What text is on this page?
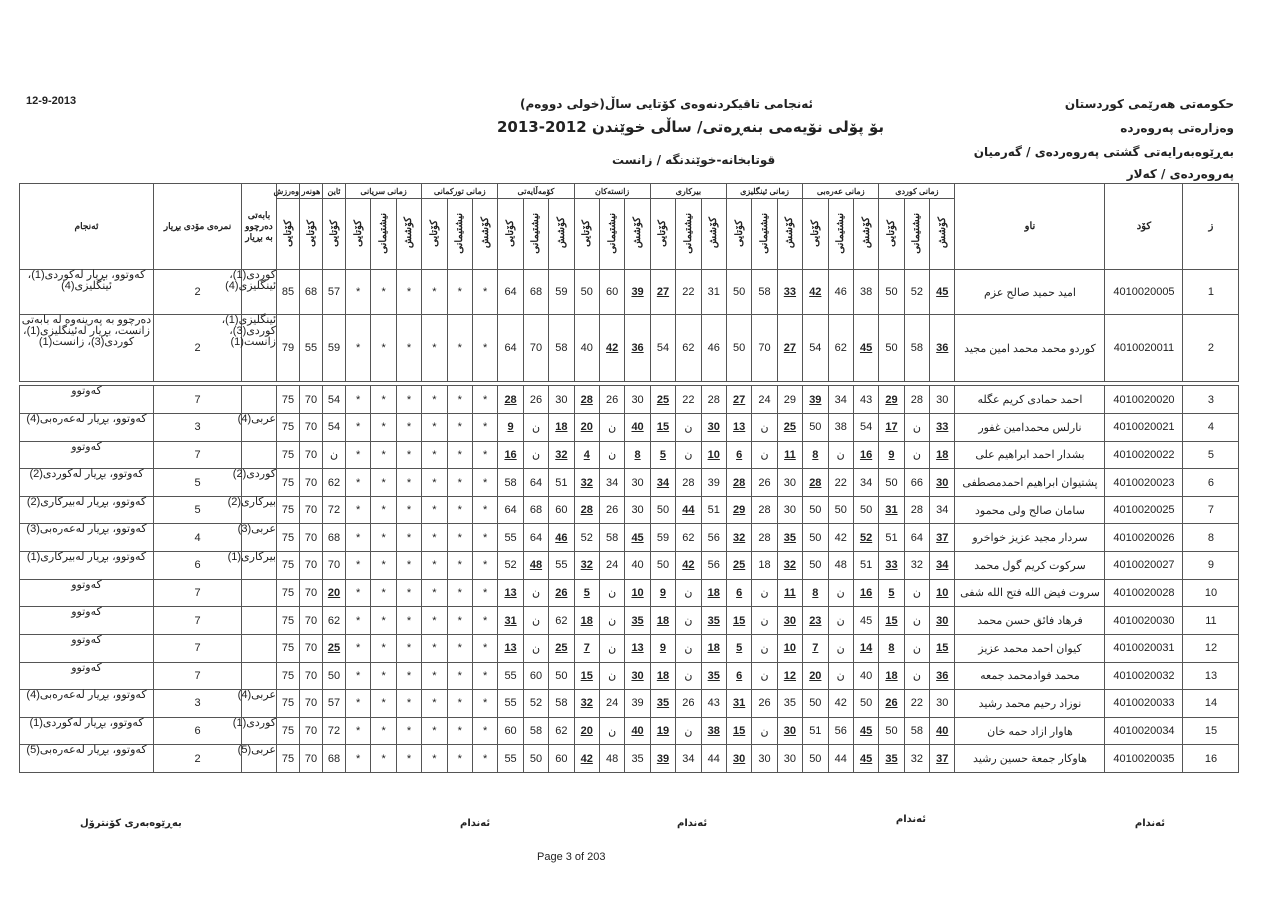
12-9-2013	ئەنجامی تاقیكردنەوەی كۆتایی ساڵ(خولی دووەم)
بۆ پۆلی نۆیەمی بنەڕەتی/ ساڵی خوێندن 2012-2013
قوتابخانە-خوێندنگە / زانست
حكومەتی هەرێمی كوردستان
وەزارەتی پەروەردە
بەڕێوەبەرایەتی گشتی پەروەردەی / گەرمیان
پەروەردەی / كەلار
ز	كۆد	ناو	زمانی كوردی			زمانی عەرەبی			زمانی ئینگلیزی			بیركاری			زانستەكان			كۆمەڵایەتی			زمانی توركمانی			زمانی سریانی			ئاین	هونەر	وەرزش	بابەتی دەرچوو بە بڕیار	نمرەی مۆدی بڕیار	ئەنجام
			كۆشش	نیشتیمانی	كۆتایی	كۆشش	نیشتیمانی	كۆتایی	كۆشش	نیشتیمانی	كۆتایی	كۆشش	نیشتیمانی	كۆتایی	كۆشش	نیشتیمانی	كۆتایی	كۆشش	نیشتیمانی	كۆتایی	كۆشش	نیشتیمانی	كۆتایی	كۆشش	نیشتیمانی	كۆتایی	كۆتایی	كۆتایی	كۆتایی			
1	4010020005	امید حمید صالح عزم	45	52	50	38	46	42	33	58	50	31	22	27	39	60	50	59	68	64	*	*	*	*	*	*	57	68	85	كوردی(1)، ئینگلیزی(4)	2	كەوتوو، بڕیار لەكوردی(1)، ئینگلیزی(4)
2	4010020011	كوردو محمد محمد امين مجيد	36	58	50	45	62	54	27	70	50	46	62	54	36	42	40	58	70	64	*	*	*	*	*	*	59	55	79	ئینگلیزی(1)، كوردی(3)، زانست(1)	2	دەرچوو بە پەرینەوە لە بابەتی زانست، بڕیار لەئینگلیزی(1)، كوردی(3)، زانست(1)

3	4010020020	احمد حمادی كريم عگله	30	28	29	43	34	39	29	24	27	28	22	25	30	26	28	30	26	28	*	*	*	*	*	*	54	70	75		7	كەوتوو
4	4010020021	نارلس محمدامين غفور	33	ن	17	54	38	50	25	ن	13	30	ن	15	40	ن	20	18	ن	9	*	*	*	*	*	*	54	70	75	عربی(4)	3	كەوتوو، بڕیار لەعەرەبی(4)
5	4010020022	بشدار احمد ابراهيم علی	18	ن	9	16	ن	8	11	ن	6	10	ن	5	8	ن	4	32	ن	16	*	*	*	*	*	*	ن	70	75		7	كەوتوو
6	4010020023	پشتيوان ابراهيم احمدمصطفی	30	66	50	34	22	28	30	26	28	39	28	34	30	34	32	51	64	58	*	*	*	*	*	*	62	70	75	كوردی(2)	5	كەوتوو، بڕیار لەكوردی(2)
7	4010020025	سامان صالح ولی محمود	34	28	31	50	50	50	30	28	29	51	44	50	30	26	28	60	68	64	*	*	*	*	*	*	72	70	75	بیركاری(2)	5	كەوتوو، بڕیار لەبیركاری(2)
8	4010020026	سردار مجيد عزيز خواخرو	37	64	51	52	42	50	35	28	32	56	62	59	45	58	52	46	64	55	*	*	*	*	*	*	68	70	75	عربی(3)	4	كەوتوو، بڕیار لەعەرەبی(3)
9	4010020027	سركوت كريم گول محمد	34	32	33	51	48	50	32	18	25	56	42	50	40	24	32	55	48	52	*	*	*	*	*	*	70	70	75	بیركاری(1)	6	كەوتوو، بڕیار لەبیركاری(1)
10	4010020028	سروت فيض الله فتح الله شفی	10	ن	5	16	ن	8	11	ن	6	18	ن	9	10	ن	5	26	ن	13	*	*	*	*	*	*	20	70	75		7	كەوتوو
11	4010020030	فرهاد فائق حسن محمد	30	ن	15	45	ن	23	30	ن	15	35	ن	18	35	ن	18	62	ن	31	*	*	*	*	*	*	62	70	75		7	كەوتوو
12	4010020031	كيوان احمد محمد عزيز	15	ن	8	14	ن	7	10	ن	5	18	ن	9	13	ن	7	25	ن	13	*	*	*	*	*	*	25	70	75		7	كەوتوو
13	4010020032	محمد فوادمحمد جمعه	36	ن	18	40	ن	20	12	ن	6	35	ن	18	30	ن	15	50	60	55	*	*	*	*	*	*	50	70	75		7	كەوتوو
14	4010020033	نوزاد رحيم محمد رشيد	30	22	26	50	42	50	35	26	31	43	26	35	39	24	32	58	52	55	*	*	*	*	*	*	57	70	75	عربی(4)	3	كەوتوو، بڕیار لەعەرەبی(4)
15	4010020034	هاوار ازاد حمه خان	40	58	50	45	56	51	30	ن	15	38	ن	19	40	ن	20	62	58	60	*	*	*	*	*	*	72	70	75	كوردی(1)	6	كەوتوو، بڕیار لەكوردی(1)
16	4010020035	هاوكار جمعة حسين رشيد	37	32	35	45	44	50	30	30	30	44	34	39	35	48	42	60	50	55	*	*	*	*	*	*	68	70	75	عربی(5)	2	كەوتوو، بڕیار لەعەرەبی(5)
ئەندام
ئەندام
ئەندام
ئەندام
بەڕێوەبەری كۆنترۆل
Page 3 of 203
